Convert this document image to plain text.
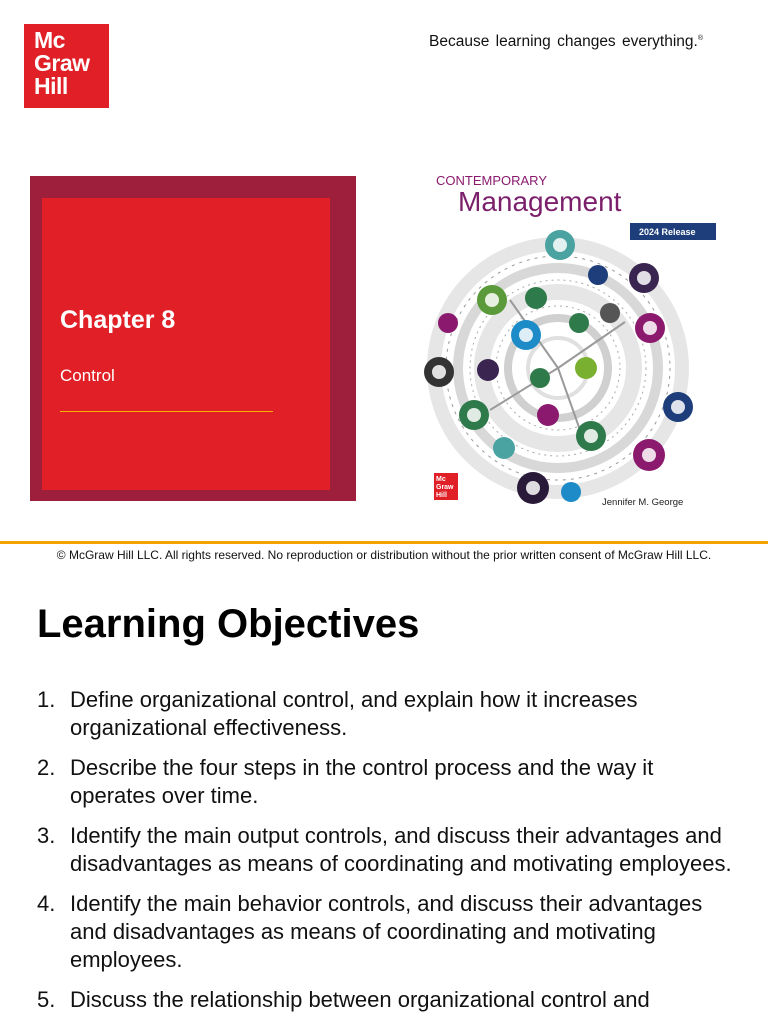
Mc
Graw
Hill
Because learning changes everything.®
Chapter 8
Control
CONTEMPORARY
Management
2024 Release
Mc
Graw
Hill
Jennifer M. George
© McGraw Hill LLC. All rights reserved. No reproduction or distribution without the prior written consent of McGraw Hill LLC.
Learning Objectives
1. Define organizational control, and explain how it increases organizational effectiveness.
2. Describe the four steps in the control process and the way it operates over time.
3. Identify the main output controls, and discuss their advantages and disadvantages as means of coordinating and motivating employees.
4. Identify the main behavior controls, and discuss their advantages and disadvantages as means of coordinating and motivating employees.
5. Discuss the relationship between organizational control and
